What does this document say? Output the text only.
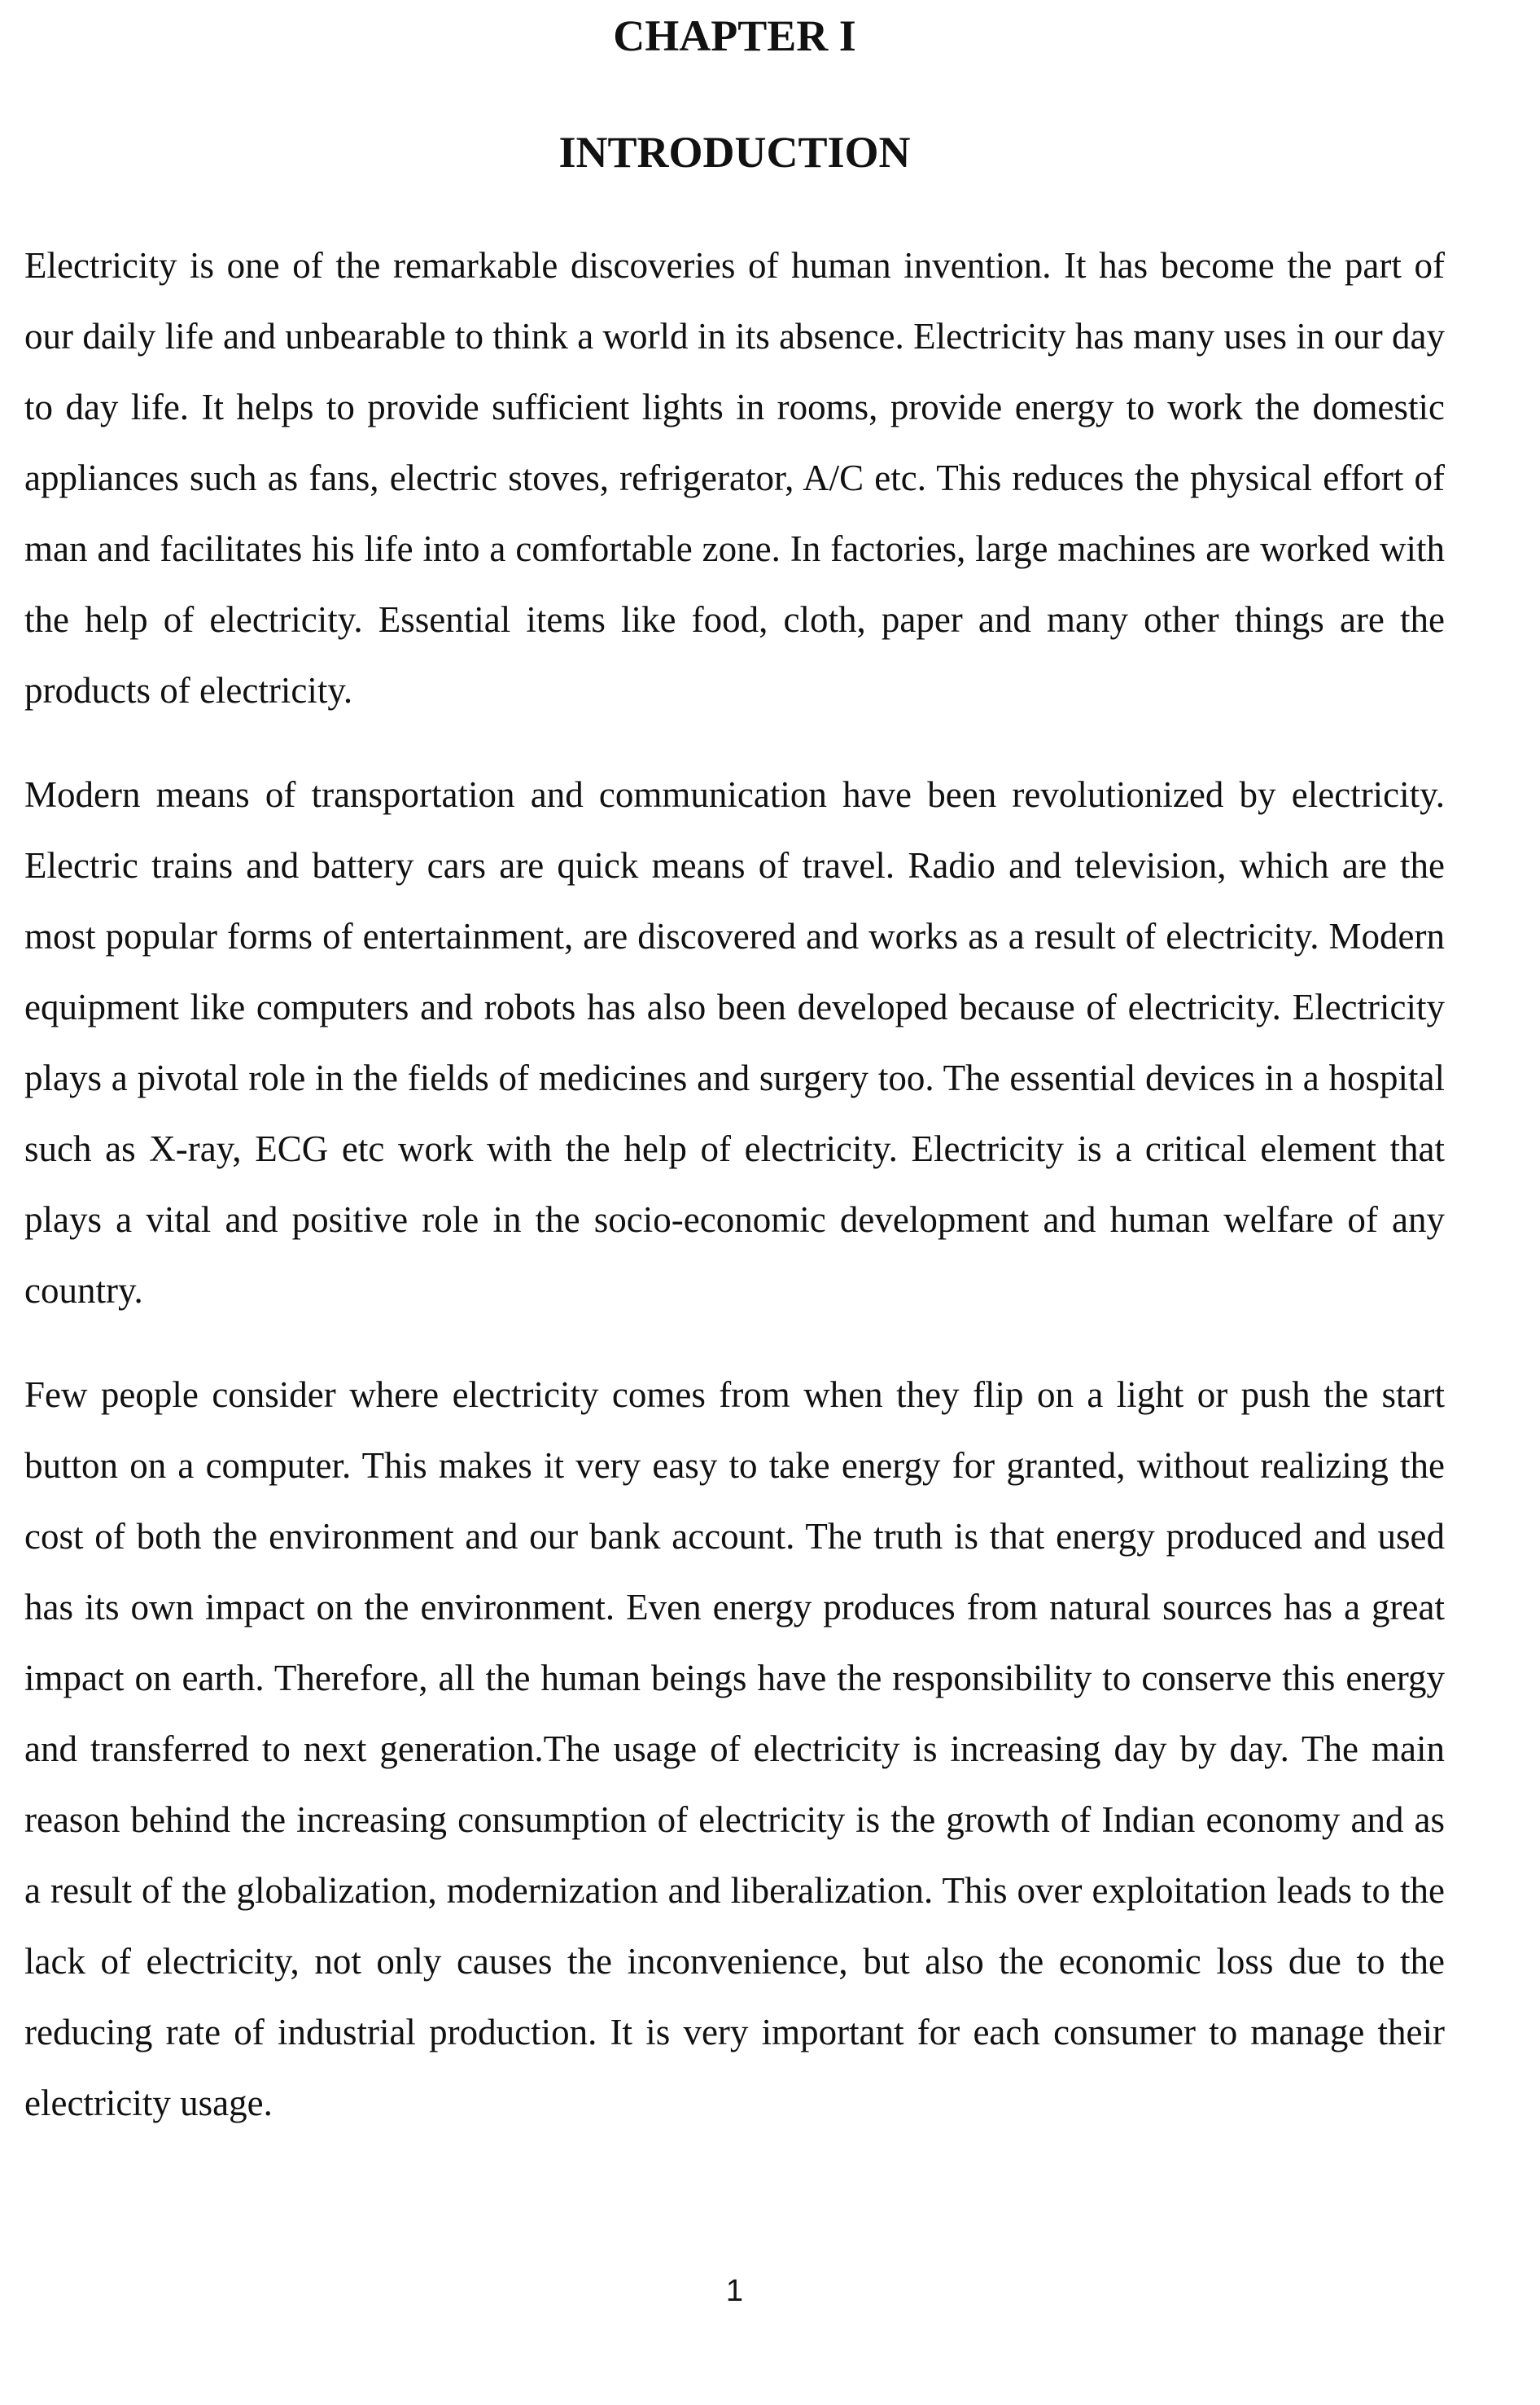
CHAPTER I
INTRODUCTION

Electricity is one of the remarkable discoveries of human invention. It has become the part of our daily life and unbearable to think a world in its absence. Electricity has many uses in our day to day life. It helps to provide sufficient lights in rooms, provide energy to work the domestic appliances such as fans, electric stoves, refrigerator, A/C etc. This reduces the physical effort of man and facilitates his life into a comfortable zone. In factories, large machines are worked with the help of electricity. Essential items like food, cloth, paper and many other things are the products of electricity.

Modern means of transportation and communication have been revolutionized by electricity. Electric trains and battery cars are quick means of travel. Radio and television, which are the most popular forms of entertainment, are discovered and works as a result of electricity. Modern equipment like computers and robots has also been developed because of electricity. Electricity plays a pivotal role in the fields of medicines and surgery too. The essential devices in a hospital such as X-ray, ECG etc work with the help of electricity. Electricity is a critical element that plays a vital and positive role in the socio-economic development and human welfare of any country.

Few people consider where electricity comes from when they flip on a light or push the start button on a computer. This makes it very easy to take energy for granted, without realizing the cost of both the environment and our bank account. The truth is that energy produced and used has its own impact on the environment. Even energy produces from natural sources has a great impact on earth. Therefore, all the human beings have the responsibility to conserve this energy and transferred to next generation.The usage of electricity is increasing day by day. The main reason behind the increasing consumption of electricity is the growth of Indian economy and as a result of the globalization, modernization and liberalization. This over exploitation leads to the lack of electricity, not only causes the inconvenience, but also the economic loss due to the reducing rate of industrial production. It is very important for each consumer to manage their electricity usage.

1
